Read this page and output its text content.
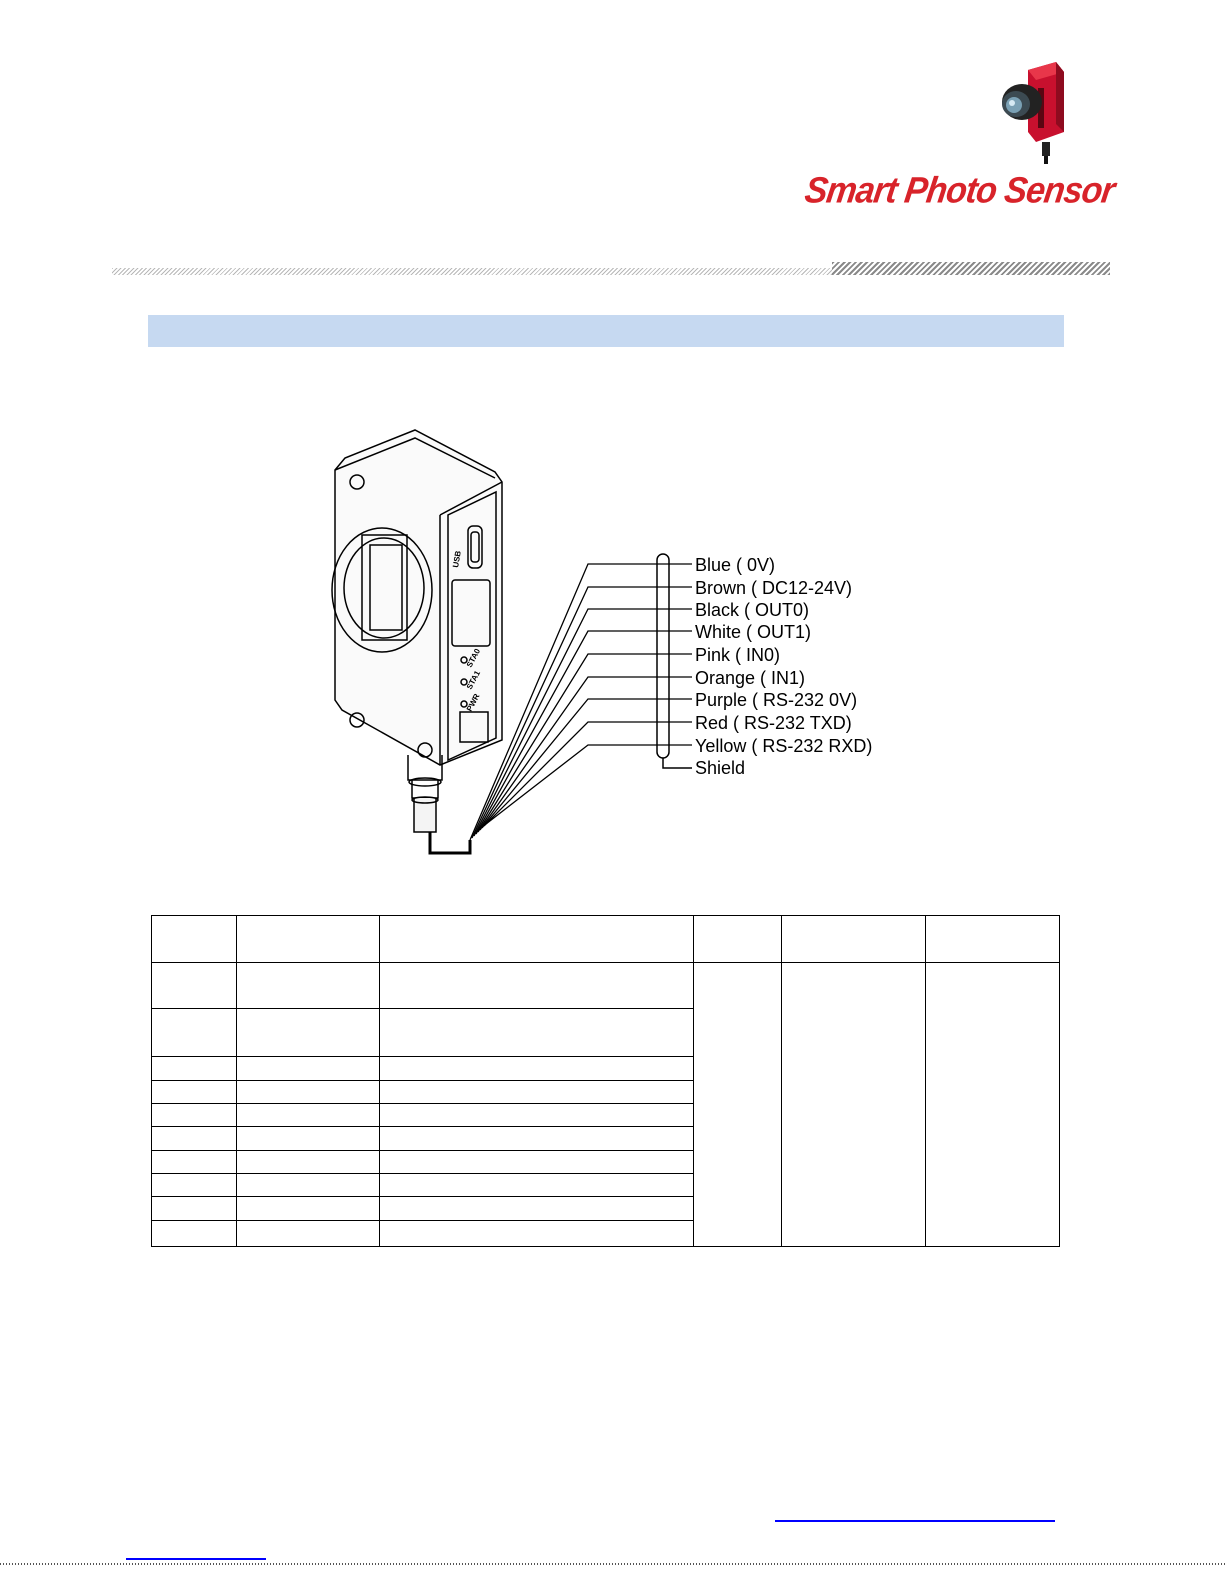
Smart Photo Sensor
USB
STA0
STA1
PWR
Blue ( 0V)
Brown ( DC12-24V)
Black ( OUT0)
White ( OUT1)
Pink ( IN0)
Orange ( IN1)
Purple ( RS-232 0V)
Red ( RS-232 TXD)
Yellow ( RS-232 RXD)
Shield
